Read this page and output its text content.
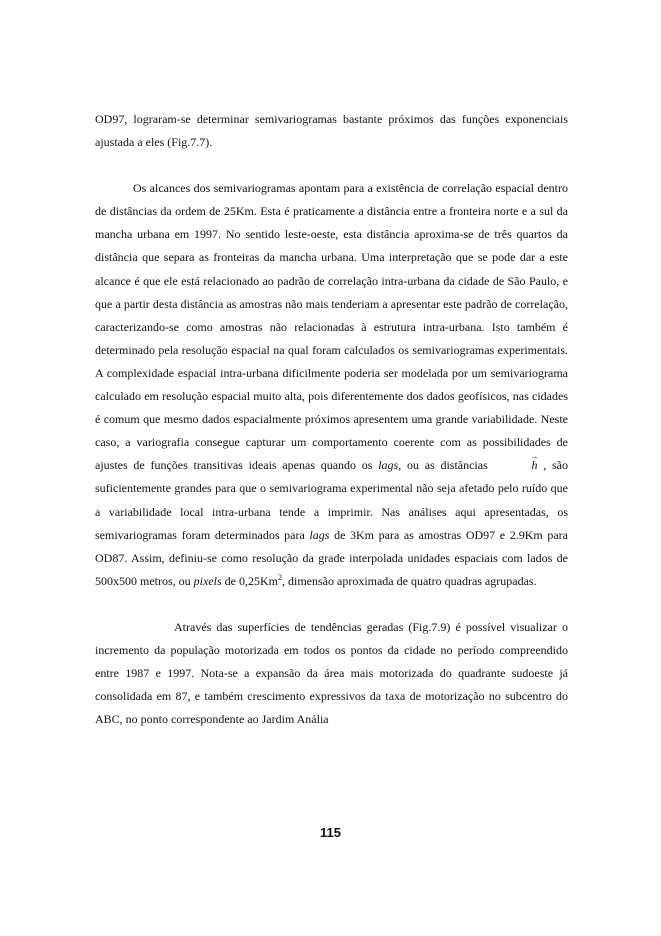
OD97, lograram-se determinar semivariogramas bastante próximos das funções exponenciais ajustada a eles (Fig.7.7).

Os alcances dos semivariogramas apontam para a existência de correlação espacial dentro de distâncias da ordem de 25Km. Esta é praticamente a distância entre a fronteira norte e a sul da mancha urbana em 1997. No sentido leste-oeste, esta distância aproxima-se de três quartos da distância que separa as fronteiras da mancha urbana. Uma interpretação que se pode dar a este alcance é que ele está relacionado ao padrão de correlação intra-urbana da cidade de São Paulo, e que a partir desta distância as amostras não mais tenderiam a apresentar este padrão de correlação, caracterizando-se como amostras não relacionadas à estrutura intra-urbana. Isto também é determinado pela resolução espacial na qual foram calculados os semivariogramas experimentais. A complexidade espacial intra-urbana dificilmente poderia ser modelada por um semivariograma calculado em resolução espacial muito alta, pois diferentemente dos dados geofísicos, nas cidades é comum que mesmo dados espacialmente próximos apresentem uma grande variabilidade. Neste caso, a variografia consegue capturar um comportamento coerente com as possibilidades de ajustes de funções transitivas ideais apenas quando os lags, ou as distâncias →	h , são suficientemente grandes para que o semivariograma experimental não seja afetado pelo ruído que a variabilidade local intra-urbana tende a imprimir. Nas análises aqui apresentadas, os semivariogramas foram determinados para lags de 3Km para as amostras OD97 e 2.9Km para OD87. Assim, definiu-se como resolução da grade interpolada unidades espaciais com lados de 500x500 metros, ou pixels de 0,25Km$^2$, dimensão aproximada de quatro quadras agrupadas.

Através das superfícies de tendências geradas (Fig.7.9) é possível visualizar o incremento da população motorizada em todos os pontos da cidade no período compreendido entre 1987 e 1997. Nota-se a expansão da área mais motorizada do quadrante sudoeste já consolidada em 87, e também crescimento expressivos da taxa de motorização no subcentro do ABC, no ponto correspondente ao Jardim Anália

115
